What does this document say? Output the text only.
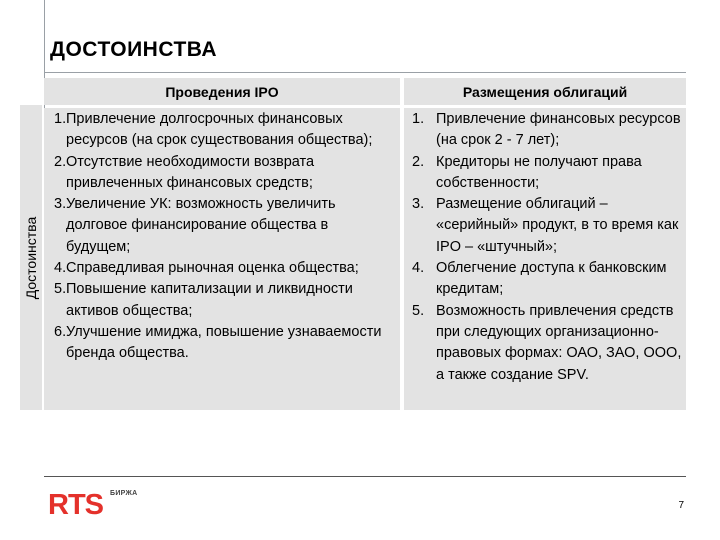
ДОСТОИНСТВА
Достоинства
Проведения IPO	Размещения облигаций
1. Привлечение долгосрочных финансовых ресурсов (на срок существования общества);
2. Отсутствие необходимости возврата привлеченных финансовых средств;
3. Увеличение УК: возможность увеличить долговое финансирование общества в будущем;
4. Справедливая рыночная оценка общества;
5. Повышение капитализации и ликвидности активов общества;
6. Улучшение имиджа, повышение узнаваемости бренда общества.
1. Привлечение финансовых ресурсов (на срок 2 - 7 лет);
2. Кредиторы не получают права собственности;
3. Размещение облигаций – «серийный» продукт, в то время как IPO – «штучный»;
4. Облегчение доступа к банковским кредитам;
5. Возможность привлечения средств при следующих организационно-правовых формах: ОАО, ЗАО, ООО, а также создание SPV.
RTS БИРЖА
7
